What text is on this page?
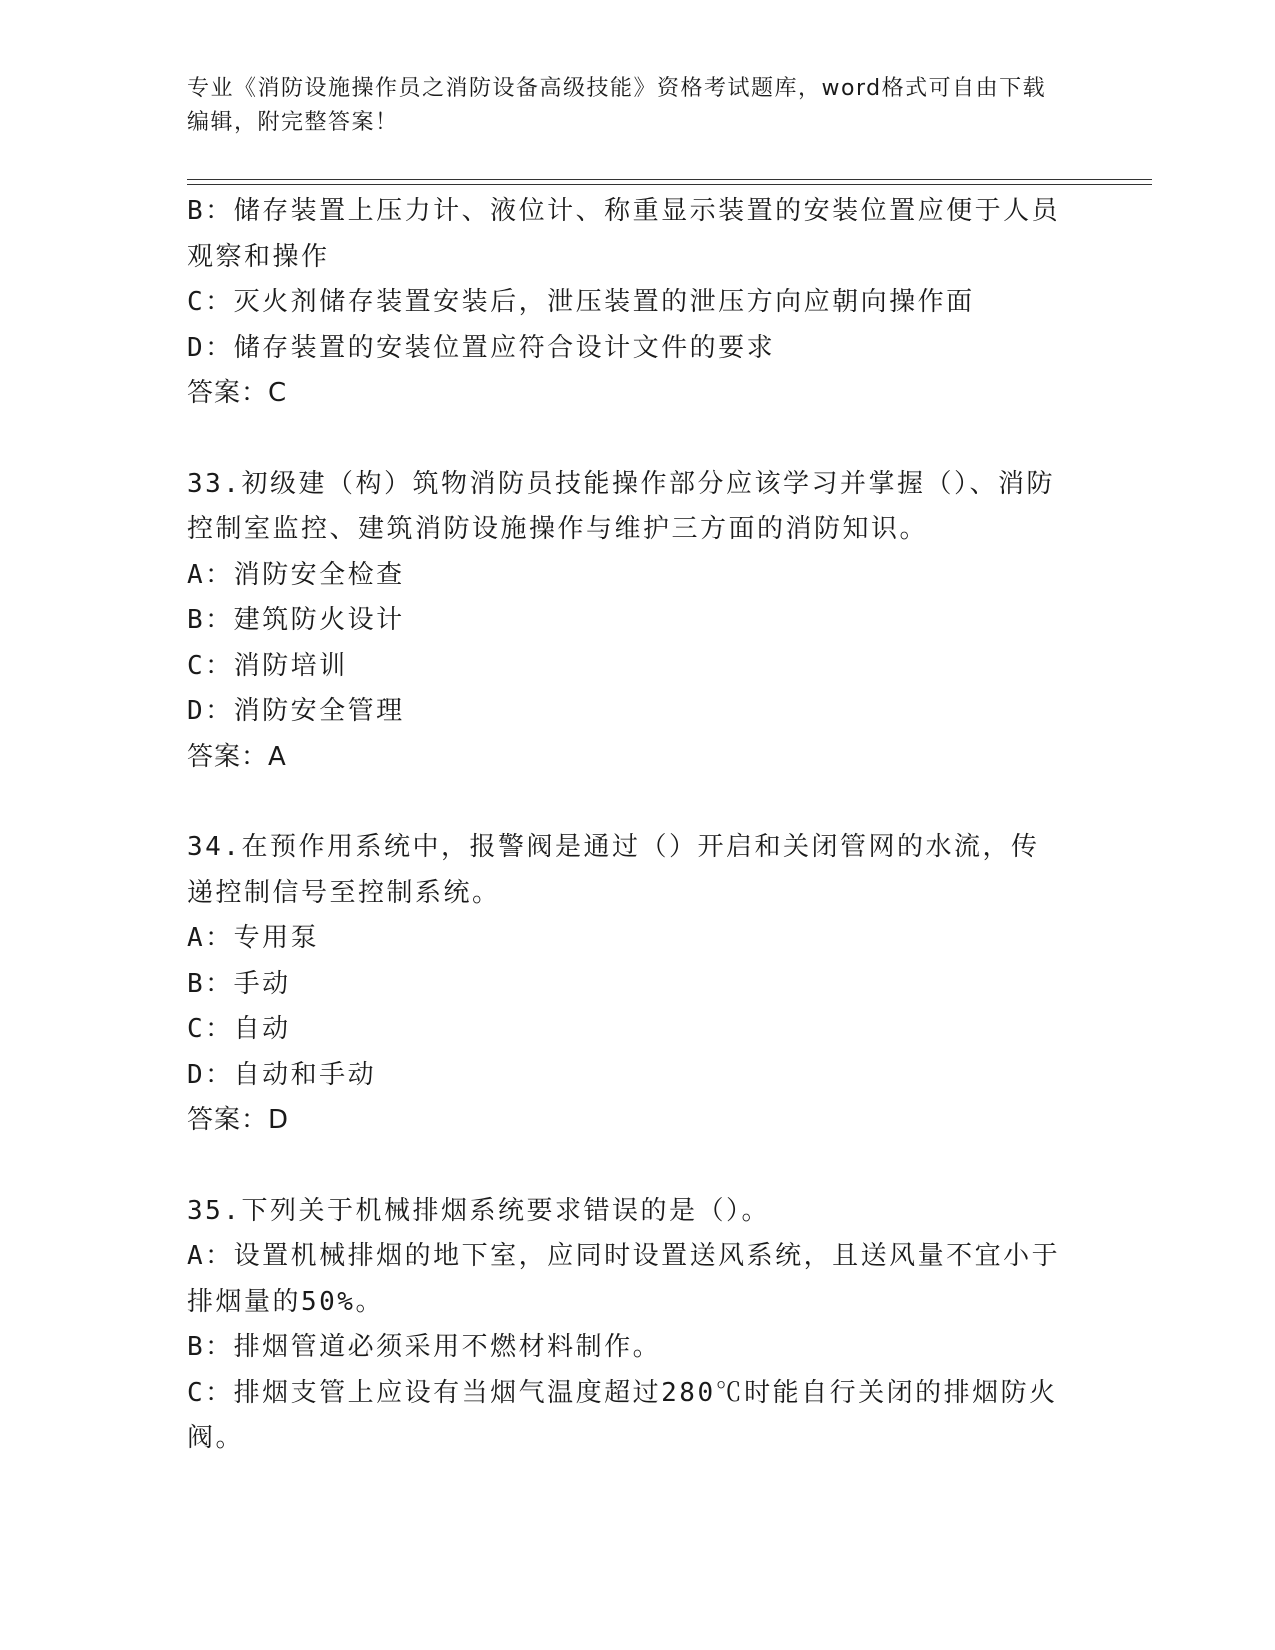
专业《消防设施操作员之消防设备高级技能》资格考试题库，word格式可自由下载编辑，附完整答案！

B：储存装置上压力计、液位计、称重显示装置的安装位置应便于人员观察和操作

C：灭火剂储存装置安装后，泄压装置的泄压方向应朝向操作面

D：储存装置的安装位置应符合设计文件的要求

答案：C

33.初级建（构）筑物消防员技能操作部分应该学习并掌握（）、消防控制室监控、建筑消防设施操作与维护三方面的消防知识。

A：消防安全检查

B：建筑防火设计

C：消防培训

D：消防安全管理

答案：A

34.在预作用系统中，报警阀是通过（）开启和关闭管网的水流，传递控制信号至控制系统。

A：专用泵

B：手动

C：自动

D：自动和手动

答案：D

35.下列关于机械排烟系统要求错误的是（）。

A：设置机械排烟的地下室，应同时设置送风系统，且送风量不宜小于排烟量的50%。

B：排烟管道必须采用不燃材料制作。

C：排烟支管上应设有当烟气温度超过280℃时能自行关闭的排烟防火阀。
